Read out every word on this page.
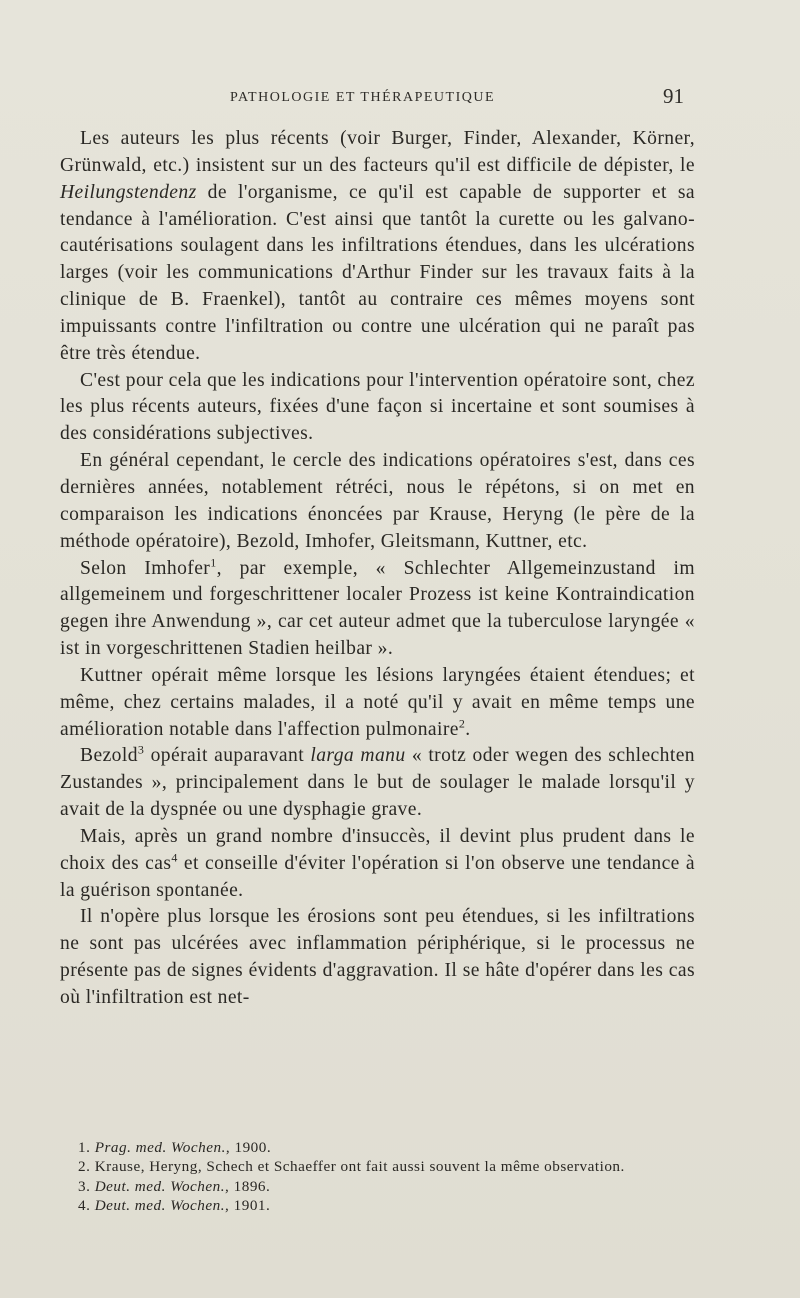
PATHOLOGIE ET THÉRAPEUTIQUE	91

Les auteurs les plus récents (voir Burger, Finder, Alexander, Körner, Grünwald, etc.) insistent sur un des facteurs qu'il est difficile de dépister, le Heilungstendenz de l'organisme, ce qu'il est capable de supporter et sa tendance à l'amélioration. C'est ainsi que tantôt la curette ou les galvano-cautérisations soulagent dans les infiltrations étendues, dans les ulcérations larges (voir les communications d'Arthur Finder sur les travaux faits à la clinique de B. Fraenkel), tantôt au contraire ces mêmes moyens sont impuissants contre l'infiltration ou contre une ulcération qui ne paraît pas être très étendue.

C'est pour cela que les indications pour l'intervention opératoire sont, chez les plus récents auteurs, fixées d'une façon si incertaine et sont soumises à des considérations subjectives.

En général cependant, le cercle des indications opératoires s'est, dans ces dernières années, notablement rétréci, nous le répétons, si on met en comparaison les indications énoncées par Krause, Heryng (le père de la méthode opératoire), Bezold, Imhofer, Gleitsmann, Kuttner, etc.

Selon Imhofer$^1$, par exemple, « Schlechter Allgemeinzustand im allgemeinem und forgeschrittener localer Prozess ist keine Kontraindication gegen ihre Anwendung », car cet auteur admet que la tuberculose laryngée « ist in vorgeschrittenen Stadien heilbar ».

Kuttner opérait même lorsque les lésions laryngées étaient étendues; et même, chez certains malades, il a noté qu'il y avait en même temps une amélioration notable dans l'affection pulmonaire$^2$.

Bezold$^3$ opérait auparavant larga manu « trotz oder wegen des schlechten Zustandes », principalement dans le but de soulager le malade lorsqu'il y avait de la dyspnée ou une dysphagie grave.

Mais, après un grand nombre d'insuccès, il devint plus prudent dans le choix des cas$^4$ et conseille d'éviter l'opération si l'on observe une tendance à la guérison spontanée.

Il n'opère plus lorsque les érosions sont peu étendues, si les infiltrations ne sont pas ulcérées avec inflammation périphérique, si le processus ne présente pas de signes évidents d'aggravation. Il se hâte d'opérer dans les cas où l'infiltration est net-

1. Prag. med. Wochen., 1900.

2. Krause, Heryng, Schech et Schaeffer ont fait aussi souvent la même observation.

3. Deut. med. Wochen., 1896.

4. Deut. med. Wochen., 1901.
